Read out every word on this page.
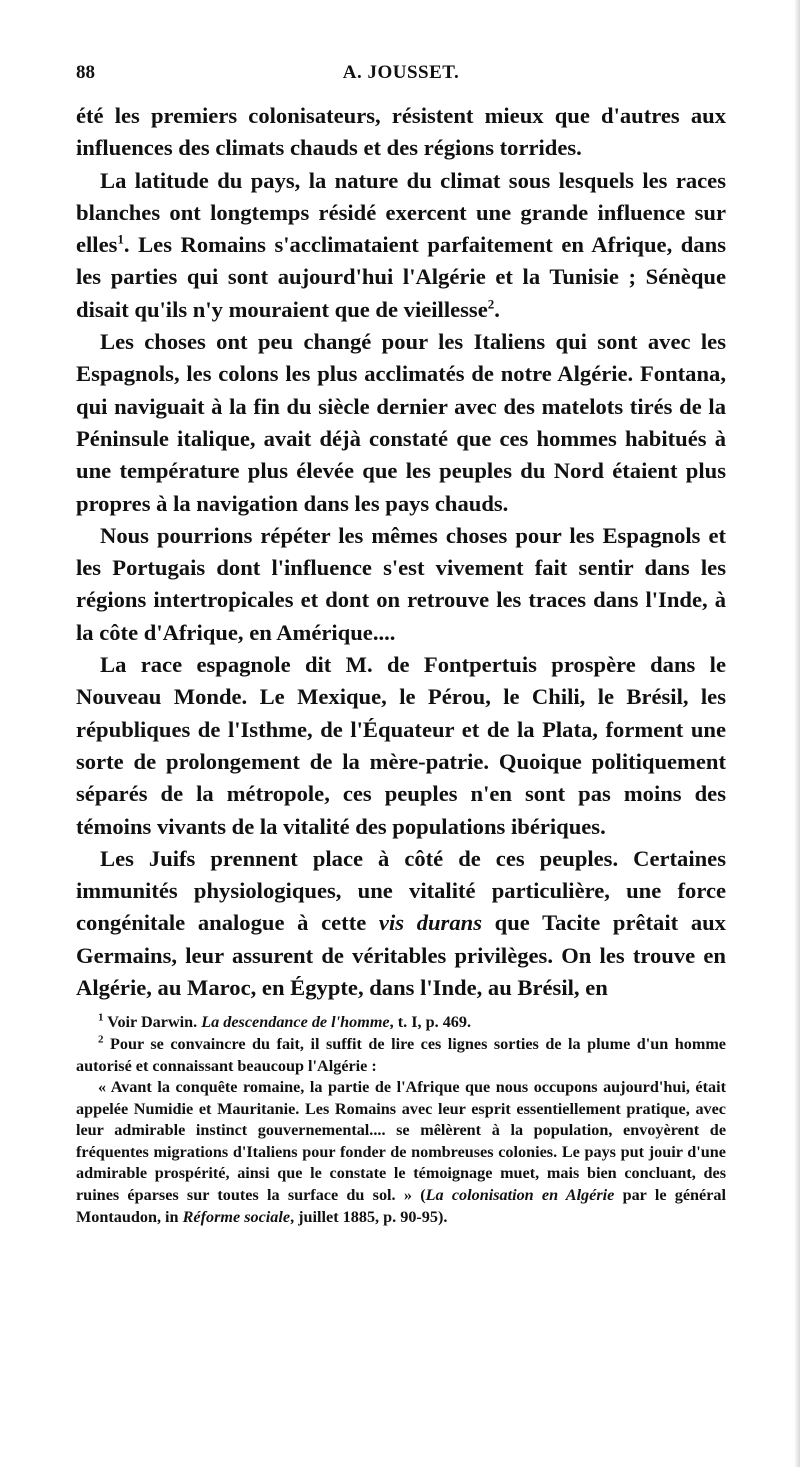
88	A. JOUSSET.

été les premiers colonisateurs, résistent mieux que d'autres aux influences des climats chauds et des régions torrides.

La latitude du pays, la nature du climat sous lesquels les races blanches ont longtemps résidé exercent une grande influence sur elles$^1$. Les Romains s'acclimataient parfaitement en Afrique, dans les parties qui sont aujourd'hui l'Algérie et la Tunisie ; Sénèque disait qu'ils n'y mouraient que de vieillesse$^2$.

Les choses ont peu changé pour les Italiens qui sont avec les Espagnols, les colons les plus acclimatés de notre Algérie. Fontana, qui naviguait à la fin du siècle dernier avec des matelots tirés de la Péninsule italique, avait déjà constaté que ces hommes habitués à une température plus élevée que les peuples du Nord étaient plus propres à la navigation dans les pays chauds.

Nous pourrions répéter les mêmes choses pour les Espagnols et les Portugais dont l'influence s'est vivement fait sentir dans les régions intertropicales et dont on retrouve les traces dans l'Inde, à la côte d'Afrique, en Amérique....

La race espagnole dit M. de Fontpertuis prospère dans le Nouveau Monde. Le Mexique, le Pérou, le Chili, le Brésil, les républiques de l'Isthme, de l'Équateur et de la Plata, forment une sorte de prolongement de la mère-patrie. Quoique politiquement séparés de la métropole, ces peuples n'en sont pas moins des témoins vivants de la vitalité des populations ibériques.

Les Juifs prennent place à côté de ces peuples. Certaines immunités physiologiques, une vitalité particulière, une force congénitale analogue à cette vis durans que Tacite prêtait aux Germains, leur assurent de véritables privilèges. On les trouve en Algérie, au Maroc, en Égypte, dans l'Inde, au Brésil, en

$^1$ Voir Darwin. La descendance de l'homme, t. I, p. 469.

$^2$ Pour se convaincre du fait, il suffit de lire ces lignes sorties de la plume d'un homme autorisé et connaissant beaucoup l'Algérie :

« Avant la conquête romaine, la partie de l'Afrique que nous occupons aujourd'hui, était appelée Numidie et Mauritanie. Les Romains avec leur esprit essentiellement pratique, avec leur admirable instinct gouvernemental.... se mêlèrent à la population, envoyèrent de fréquentes migrations d'Italiens pour fonder de nombreuses colonies. Le pays put jouir d'une admirable prospérité, ainsi que le constate le témoignage muet, mais bien concluant, des ruines éparses sur toutes la surface du sol. » (La colonisation en Algérie par le général Montaudon, in Réforme sociale, juillet 1885, p. 90-95).
